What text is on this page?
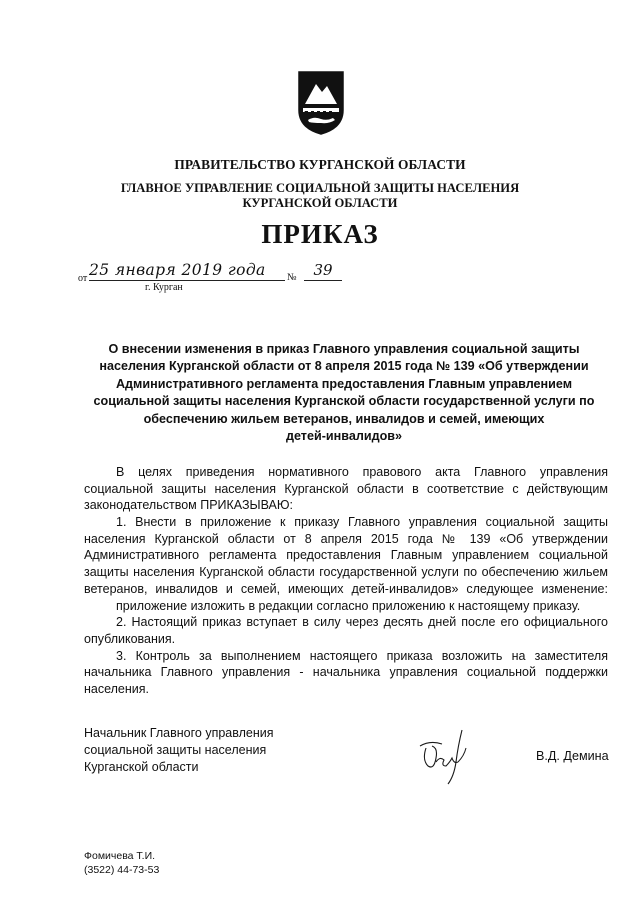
ПРАВИТЕЛЬСТВО КУРГАНСКОЙ ОБЛАСТИ
ГЛАВНОЕ УПРАВЛЕНИЕ СОЦИАЛЬНОЙ ЗАЩИТЫ НАСЕЛЕНИЯ
КУРГАНСКОЙ ОБЛАСТИ
ПРИКАЗ
от 25 января 2019 года	№	39
г. Курган
О внесении изменения в приказ Главного управления социальной защиты
населения Курганской области от 8 апреля 2015 года № 139 «Об утверждении
Административного регламента предоставления Главным управлением
социальной защиты населения Курганской области государственной услуги по
обеспечению жильем ветеранов, инвалидов и семей, имеющих
детей-инвалидов»
В целях приведения нормативного правового акта Главного управления
социальной защиты населения Курганской области в соответствие с действующим
законодательством ПРИКАЗЫВАЮ:
1. Внести в приложение к приказу Главного управления социальной защиты
населения Курганской области от 8 апреля 2015 года № 139 «Об утверждении
Административного регламента предоставления Главным управлением социальной
защиты населения Курганской области государственной услуги по обеспечению жильем
ветеранов, инвалидов и семей, имеющих детей-инвалидов» следующее изменение:
приложение изложить в редакции согласно приложению к настоящему приказу.
2. Настоящий приказ вступает в силу через десять дней после его официального
опубликования.
3. Контроль за выполнением настоящего приказа возложить на заместителя
начальника Главного управления - начальника управления социальной поддержки
населения.
Начальник Главного управления
социальной защиты населения
Курганской области
В.Д. Демина
Фомичева Т.И.
(3522) 44-73-53
